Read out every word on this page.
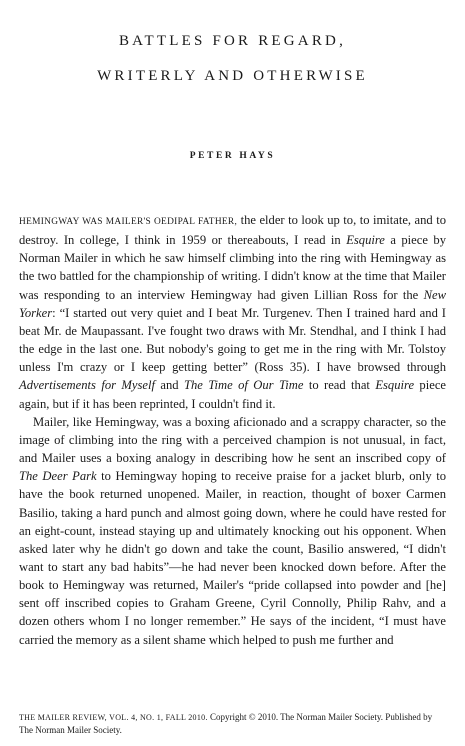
BATTLES FOR REGARD,
WRITERLY AND OTHERWISE

PETER HAYS

HEMINGWAY WAS MAILER'S OEDIPAL FATHER, the elder to look up to, to imitate, and to destroy. In college, I think in 1959 or thereabouts, I read in Esquire a piece by Norman Mailer in which he saw himself climbing into the ring with Hemingway as the two battled for the championship of writing. I didn't know at the time that Mailer was responding to an interview Hemingway had given Lillian Ross for the New Yorker: “I started out very quiet and I beat Mr. Turgenev. Then I trained hard and I beat Mr. de Maupassant. I've fought two draws with Mr. Stendhal, and I think I had the edge in the last one. But nobody's going to get me in the ring with Mr. Tolstoy unless I'm crazy or I keep getting better” (Ross 35). I have browsed through Advertisements for Myself and The Time of Our Time to read that Esquire piece again, but if it has been reprinted, I couldn't find it.

Mailer, like Hemingway, was a boxing aficionado and a scrappy character, so the image of climbing into the ring with a perceived champion is not unusual, in fact, and Mailer uses a boxing analogy in describing how he sent an inscribed copy of The Deer Park to Hemingway hoping to receive praise for a jacket blurb, only to have the book returned unopened. Mailer, in reaction, thought of boxer Carmen Basilio, taking a hard punch and almost going down, where he could have rested for an eight-count, instead staying up and ultimately knocking out his opponent. When asked later why he didn't go down and take the count, Basilio answered, “I didn't want to start any bad habits”—he had never been knocked down before. After the book to Hemingway was returned, Mailer's “pride collapsed into powder and [he] sent off inscribed copies to Graham Greene, Cyril Connolly, Philip Rahv, and a dozen others whom I no longer remember.” He says of the incident, “I must have carried the memory as a silent shame which helped to push me further and

THE MAILER REVIEW, VOL. 4, NO. 1, FALL 2010. Copyright © 2010. The Norman Mailer Society. Published by The Norman Mailer Society.
